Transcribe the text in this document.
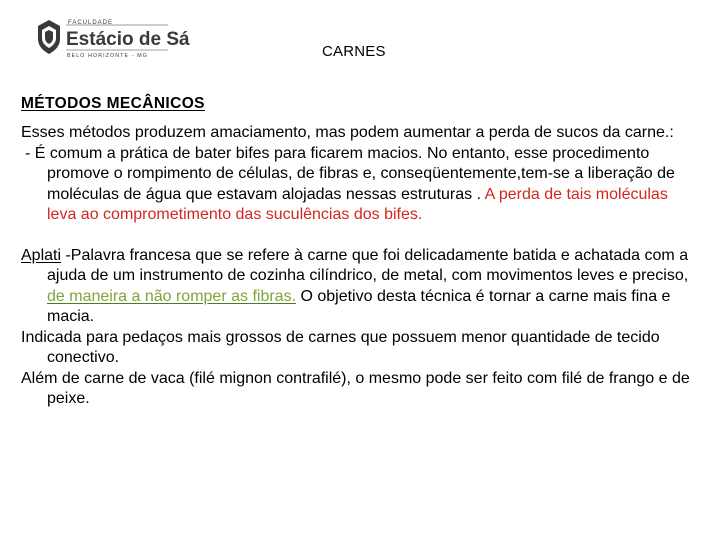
FACULDADE
Estácio de Sá
BELO HORIZONTE - MG	CARNES
MÉTODOS MECÂNICOS

Esses métodos produzem amaciamento, mas podem aumentar a perda de sucos da carne.:

- É comum a prática de bater bifes para ficarem macios. No entanto, esse procedimento promove o rompimento de células, de fibras e, conseqüentemente,tem-se a liberação de moléculas de água que estavam alojadas nessas estruturas . A perda de tais moléculas leva ao comprometimento das suculências dos bifes.

Aplati -Palavra francesa que se refere à carne que foi delicadamente batida e achatada com a ajuda de um instrumento de cozinha cilíndrico, de metal, com movimentos leves e preciso, de maneira a não romper as fibras. O objetivo desta técnica é tornar a carne mais fina e macia.

Indicada para pedaços mais grossos de carnes que possuem menor quantidade de tecido conectivo.

Além de carne de vaca (filé mignon contrafilé), o mesmo pode ser feito com filé de frango e de peixe.
